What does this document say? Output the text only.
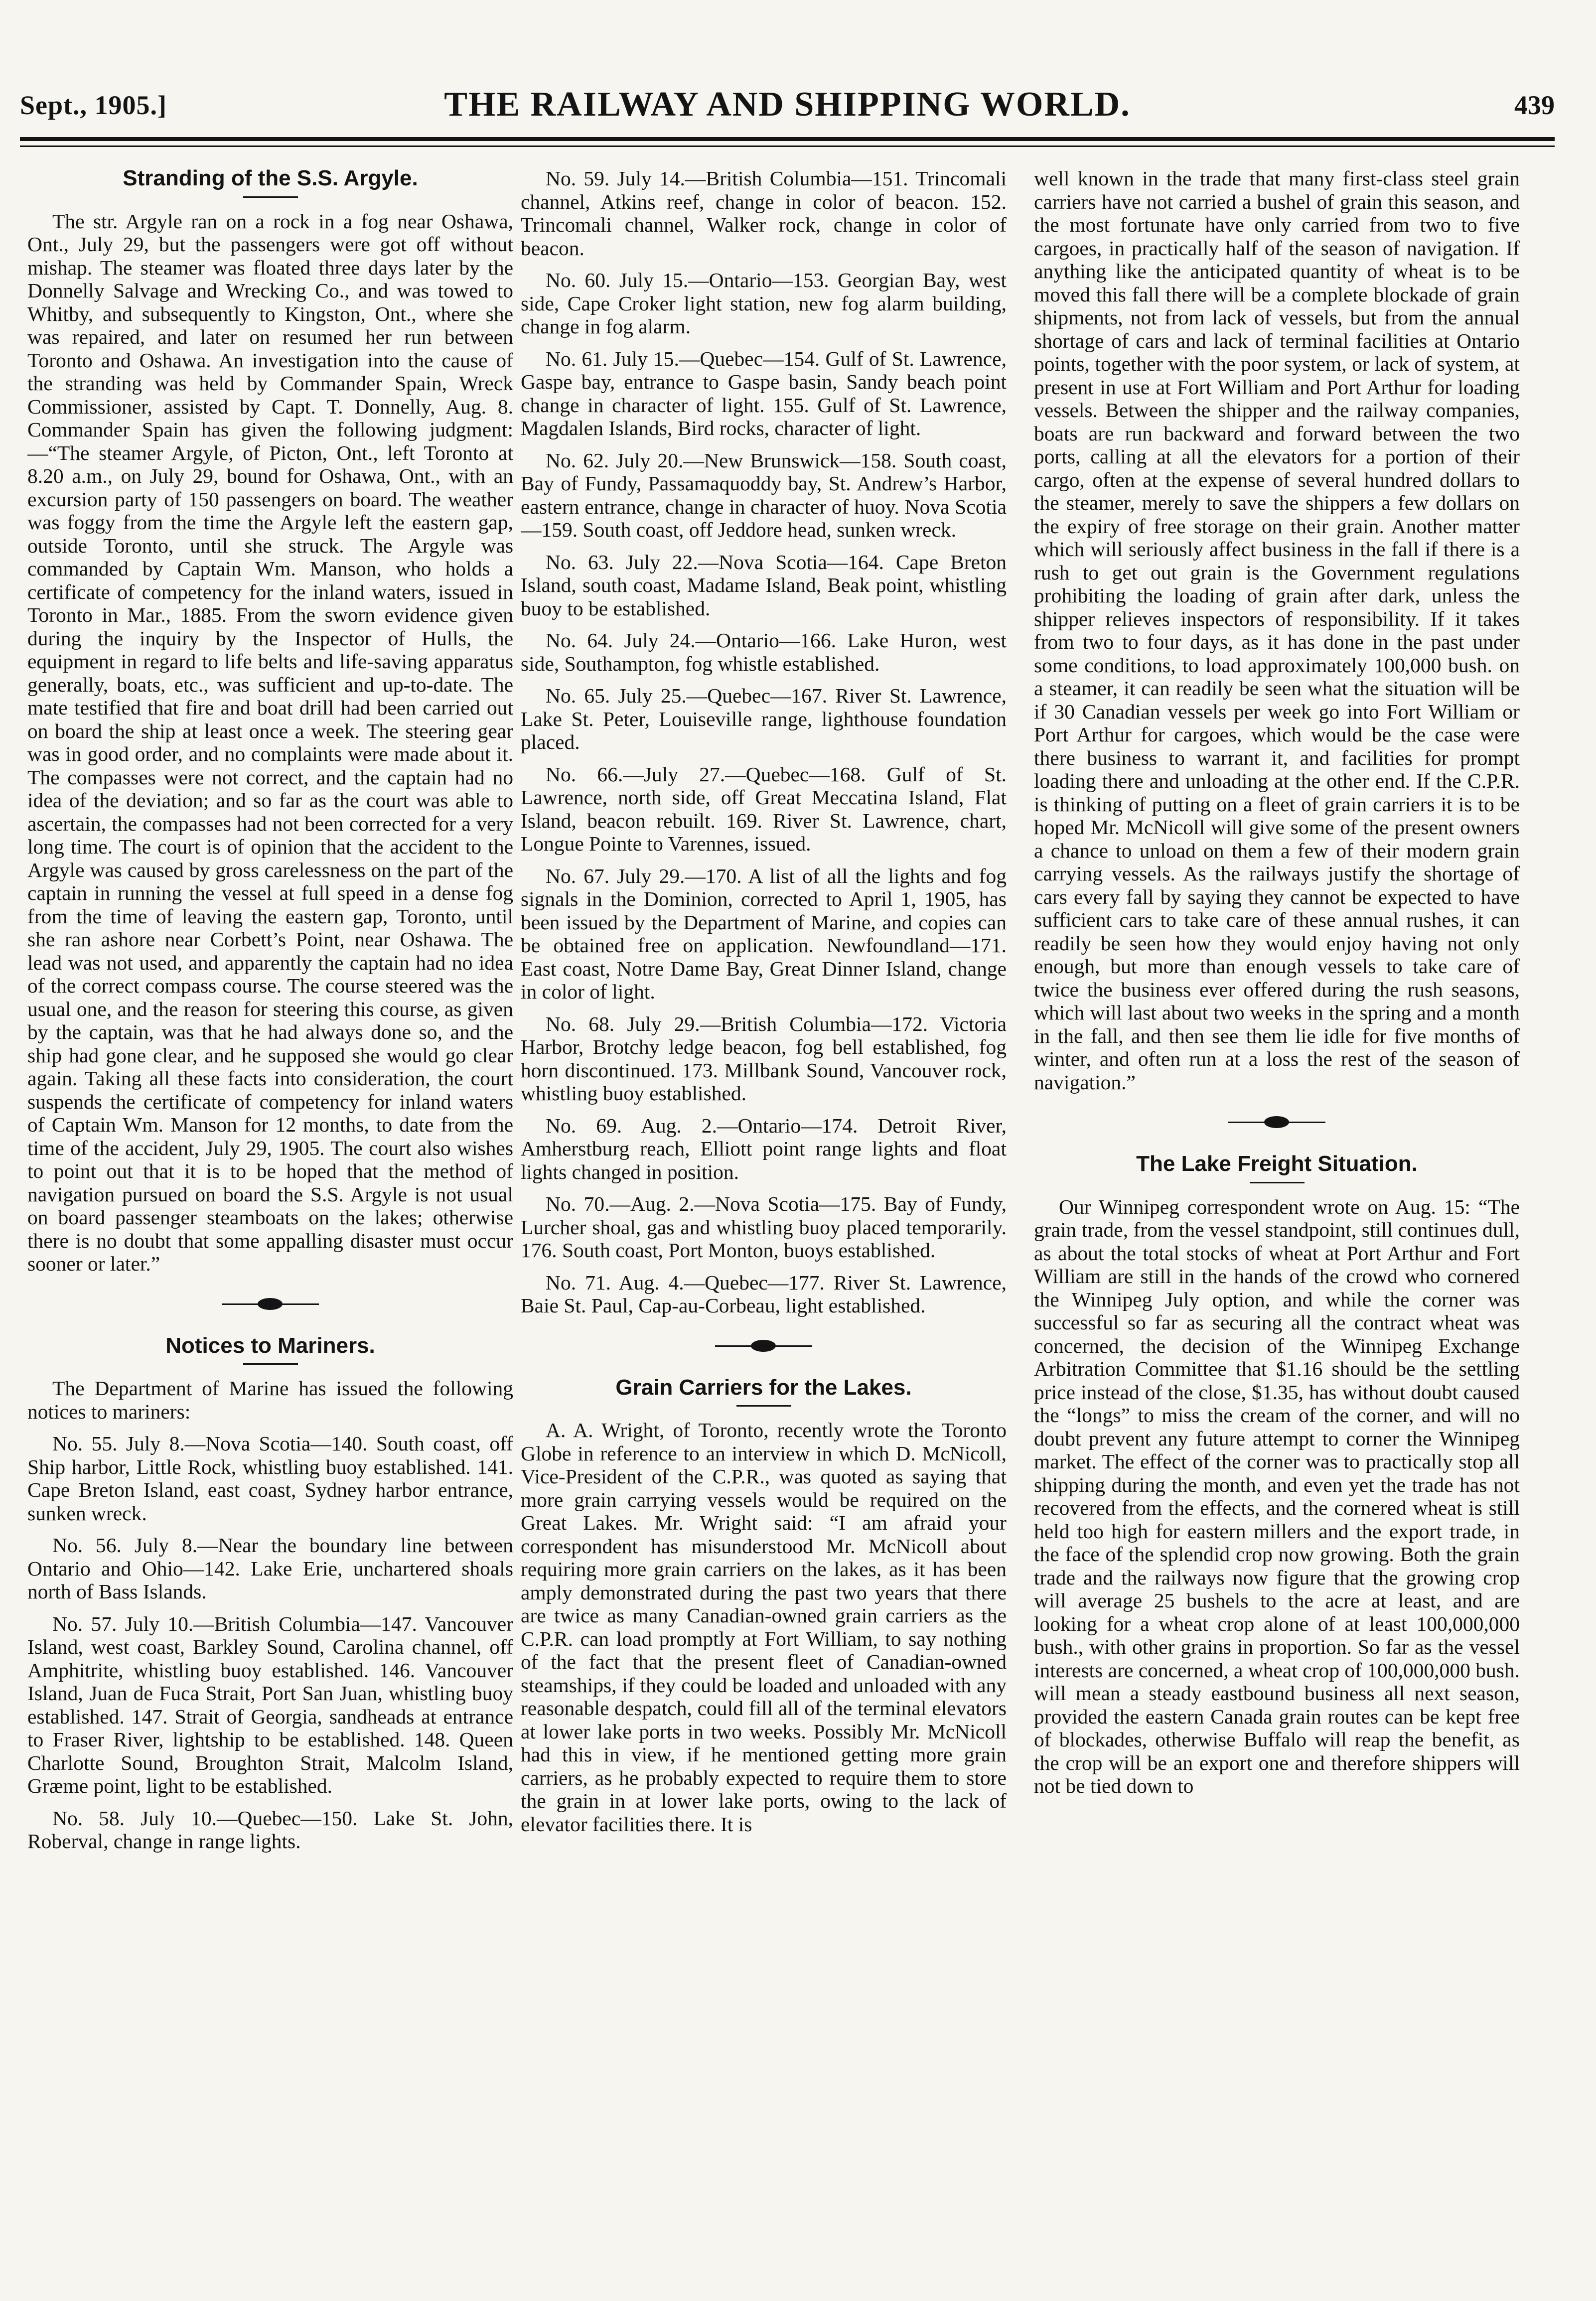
Sept., 1905.]	THE RAILWAY AND SHIPPING WORLD.	439
Stranding of the S.S. Argyle.

The str. Argyle ran on a rock in a fog near Oshawa, Ont., July 29, but the passengers were got off without mishap. The steamer was floated three days later by the Donnelly Salvage and Wrecking Co., and was towed to Whitby, and subsequently to Kingston, Ont., where she was repaired, and later on resumed her run between Toronto and Oshawa. An investigation into the cause of the stranding was held by Commander Spain, Wreck Commissioner, assisted by Capt. T. Donnelly, Aug. 8. Commander Spain has given the following judgment:—“The steamer Argyle, of Picton, Ont., left Toronto at 8.20 a.m., on July 29, bound for Oshawa, Ont., with an excursion party of 150 passengers on board. The weather was foggy from the time the Argyle left the eastern gap, outside Toronto, until she struck. The Argyle was commanded by Captain Wm. Manson, who holds a certificate of competency for the inland waters, issued in Toronto in Mar., 1885. From the sworn evidence given during the inquiry by the Inspector of Hulls, the equipment in regard to life belts and life-saving apparatus generally, boats, etc., was sufficient and up-to-date. The mate testified that fire and boat drill had been carried out on board the ship at least once a week. The steering gear was in good order, and no complaints were made about it. The compasses were not correct, and the captain had no idea of the deviation; and so far as the court was able to ascertain, the compasses had not been corrected for a very long time. The court is of opinion that the accident to the Argyle was caused by gross carelessness on the part of the captain in running the vessel at full speed in a dense fog from the time of leaving the eastern gap, Toronto, until she ran ashore near Corbett’s Point, near Oshawa. The lead was not used, and apparently the captain had no idea of the correct compass course. The course steered was the usual one, and the reason for steering this course, as given by the captain, was that he had always done so, and the ship had gone clear, and he supposed she would go clear again. Taking all these facts into consideration, the court suspends the certificate of competency for inland waters of Captain Wm. Manson for 12 months, to date from the time of the accident, July 29, 1905. The court also wishes to point out that it is to be hoped that the method of navigation pursued on board the S.S. Argyle is not usual on board passenger steamboats on the lakes; otherwise there is no doubt that some appalling disaster must occur sooner or later.”

Notices to Mariners.

The Department of Marine has issued the following notices to mariners:

No. 55. July 8.—Nova Scotia—140. South coast, off Ship harbor, Little Rock, whistling buoy established. 141. Cape Breton Island, east coast, Sydney harbor entrance, sunken wreck.

No. 56. July 8.—Near the boundary line between Ontario and Ohio—142. Lake Erie, unchartered shoals north of Bass Islands.

No. 57. July 10.—British Columbia—147. Vancouver Island, west coast, Barkley Sound, Carolina channel, off Amphitrite, whistling buoy established. 146. Vancouver Island, Juan de Fuca Strait, Port San Juan, whistling buoy established. 147. Strait of Georgia, sandheads at entrance to Fraser River, lightship to be established. 148. Queen Charlotte Sound, Broughton Strait, Malcolm Island, Græme point, light to be established.

No. 58. July 10.—Quebec—150. Lake St. John, Roberval, change in range lights.

No. 59. July 14.—British Columbia—151. Trincomali channel, Atkins reef, change in color of beacon. 152. Trincomali channel, Walker rock, change in color of beacon.

No. 60. July 15.—Ontario—153. Georgian Bay, west side, Cape Croker light station, new fog alarm building, change in fog alarm.

No. 61. July 15.—Quebec—154. Gulf of St. Lawrence, Gaspe bay, entrance to Gaspe basin, Sandy beach point change in character of light. 155. Gulf of St. Lawrence, Magdalen Islands, Bird rocks, character of light.

No. 62. July 20.—New Brunswick—158. South coast, Bay of Fundy, Passamaquoddy bay, St. Andrew’s Harbor, eastern entrance, change in character of huoy. Nova Scotia—159. South coast, off Jeddore head, sunken wreck.

No. 63. July 22.—Nova Scotia—164. Cape Breton Island, south coast, Madame Island, Beak point, whistling buoy to be established.

No. 64. July 24.—Ontario—166. Lake Huron, west side, Southampton, fog whistle established.

No. 65. July 25.—Quebec—167. River St. Lawrence, Lake St. Peter, Louiseville range, lighthouse foundation placed.

No. 66.—July 27.—Quebec—168. Gulf of St. Lawrence, north side, off Great Meccatina Island, Flat Island, beacon rebuilt. 169. River St. Lawrence, chart, Longue Pointe to Varennes, issued.

No. 67. July 29.—170. A list of all the lights and fog signals in the Dominion, corrected to April 1, 1905, has been issued by the Department of Marine, and copies can be obtained free on application. Newfoundland—171. East coast, Notre Dame Bay, Great Dinner Island, change in color of light.

No. 68. July 29.—British Columbia—172. Victoria Harbor, Brotchy ledge beacon, fog bell established, fog horn discontinued. 173. Millbank Sound, Vancouver rock, whistling buoy established.

No. 69. Aug. 2.—Ontario—174. Detroit River, Amherstburg reach, Elliott point range lights and float lights changed in position.

No. 70.—Aug. 2.—Nova Scotia—175. Bay of Fundy, Lurcher shoal, gas and whistling buoy placed temporarily. 176. South coast, Port Monton, buoys established.

No. 71. Aug. 4.—Quebec—177. River St. Lawrence, Baie St. Paul, Cap-au-Corbeau, light established.

Grain Carriers for the Lakes.

A. A. Wright, of Toronto, recently wrote the Toronto Globe in reference to an interview in which D. McNicoll, Vice-President of the C.P.R., was quoted as saying that more grain carrying vessels would be required on the Great Lakes. Mr. Wright said: “I am afraid your correspondent has misunderstood Mr. McNicoll about requiring more grain carriers on the lakes, as it has been amply demonstrated during the past two years that there are twice as many Canadian-owned grain carriers as the C.P.R. can load promptly at Fort William, to say nothing of the fact that the present fleet of Canadian-owned steamships, if they could be loaded and unloaded with any reasonable despatch, could fill all of the terminal elevators at lower lake ports in two weeks. Possibly Mr. McNicoll had this in view, if he mentioned getting more grain carriers, as he probably expected to require them to store the grain in at lower lake ports, owing to the lack of elevator facilities there. It is

well known in the trade that many first-class steel grain carriers have not carried a bushel of grain this season, and the most fortunate have only carried from two to five cargoes, in practically half of the season of navigation. If anything like the anticipated quantity of wheat is to be moved this fall there will be a complete blockade of grain shipments, not from lack of vessels, but from the annual shortage of cars and lack of terminal facilities at Ontario points, together with the poor system, or lack of system, at present in use at Fort William and Port Arthur for loading vessels. Between the shipper and the railway companies, boats are run backward and forward between the two ports, calling at all the elevators for a portion of their cargo, often at the expense of several hundred dollars to the steamer, merely to save the shippers a few dollars on the expiry of free storage on their grain. Another matter which will seriously affect business in the fall if there is a rush to get out grain is the Government regulations prohibiting the loading of grain after dark, unless the shipper relieves inspectors of responsibility. If it takes from two to four days, as it has done in the past under some conditions, to load approximately 100,000 bush. on a steamer, it can readily be seen what the situation will be if 30 Canadian vessels per week go into Fort William or Port Arthur for cargoes, which would be the case were there business to warrant it, and facilities for prompt loading there and unloading at the other end. If the C.P.R. is thinking of putting on a fleet of grain carriers it is to be hoped Mr. McNicoll will give some of the present owners a chance to unload on them a few of their modern grain carrying vessels. As the railways justify the shortage of cars every fall by saying they cannot be expected to have sufficient cars to take care of these annual rushes, it can readily be seen how they would enjoy having not only enough, but more than enough vessels to take care of twice the business ever offered during the rush seasons, which will last about two weeks in the spring and a month in the fall, and then see them lie idle for five months of winter, and often run at a loss the rest of the season of navigation.”

The Lake Freight Situation.

Our Winnipeg correspondent wrote on Aug. 15: “The grain trade, from the vessel standpoint, still continues dull, as about the total stocks of wheat at Port Arthur and Fort William are still in the hands of the crowd who cornered the Winnipeg July option, and while the corner was successful so far as securing all the contract wheat was concerned, the decision of the Winnipeg Exchange Arbitration Committee that $1.16 should be the settling price instead of the close, $1.35, has without doubt caused the “longs” to miss the cream of the corner, and will no doubt prevent any future attempt to corner the Winnipeg market. The effect of the corner was to practically stop all shipping during the month, and even yet the trade has not recovered from the effects, and the cornered wheat is still held too high for eastern millers and the export trade, in the face of the splendid crop now growing. Both the grain trade and the railways now figure that the growing crop will average 25 bushels to the acre at least, and are looking for a wheat crop alone of at least 100,000,000 bush., with other grains in proportion. So far as the vessel interests are concerned, a wheat crop of 100,000,000 bush. will mean a steady eastbound business all next season, provided the eastern Canada grain routes can be kept free of blockades, otherwise Buffalo will reap the benefit, as the crop will be an export one and therefore shippers will not be tied down to
